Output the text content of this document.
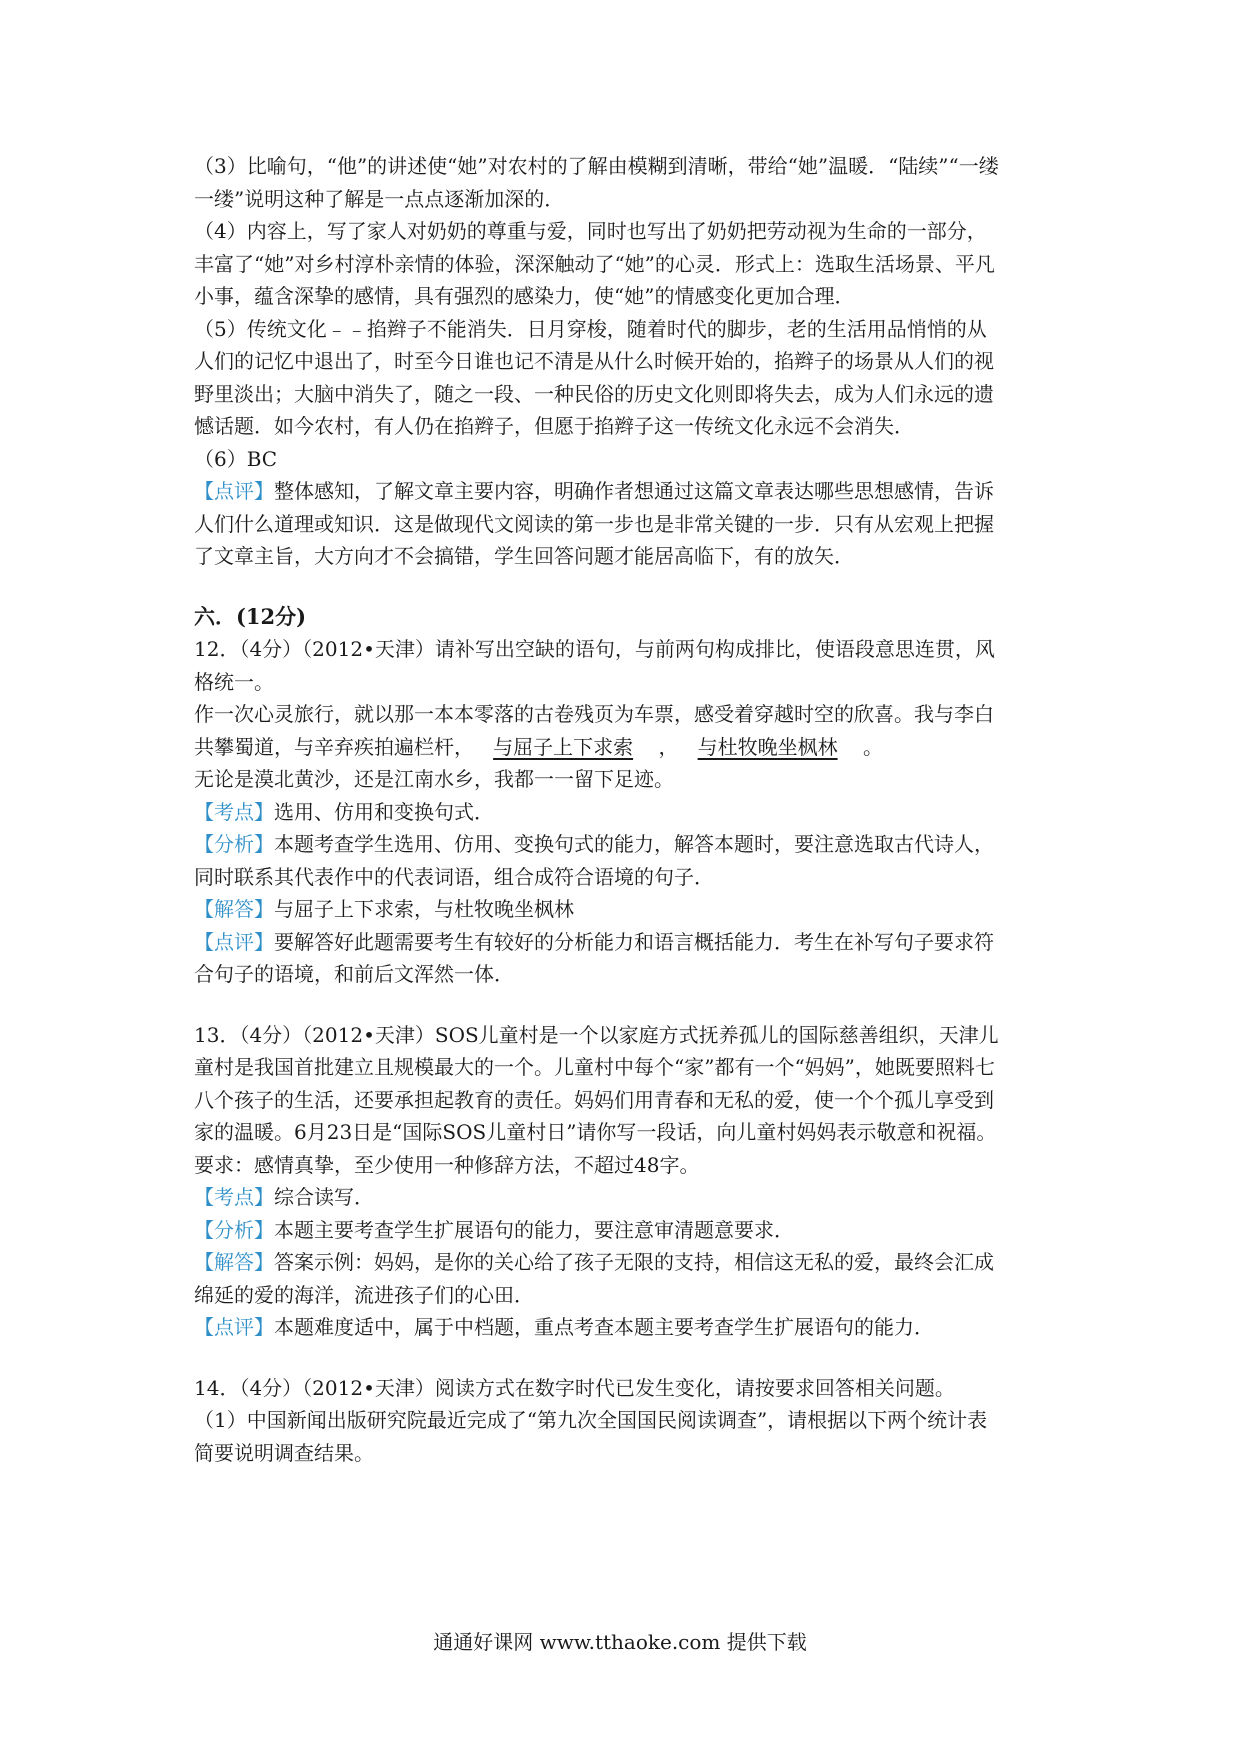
（3）比喻句，“他”的讲述使“她”对农村的了解由模糊到清晰，带给“她”温暖．“陆续”“一缕

一缕”说明这种了解是一点点逐渐加深的．

（4）内容上，写了家人对奶奶的尊重与爱，同时也写出了奶奶把劳动视为生命的一部分，

丰富了“她”对乡村淳朴亲情的体验，深深触动了“她”的心灵．形式上：选取生活场景、平凡

小事，蕴含深挚的感情，具有强烈的感染力，使“她”的情感变化更加合理．

（5）传统文化﹣﹣掐辫子不能消失．日月穿梭，随着时代的脚步，老的生活用品悄悄的从

人们的记忆中退出了，时至今日谁也记不清是从什么时候开始的，掐辫子的场景从人们的视

野里淡出；大脑中消失了，随之一段、一种民俗的历史文化则即将失去，成为人们永远的遗

憾话题．如今农村，有人仍在掐辫子，但愿于掐辫子这一传统文化永远不会消失．

（6）BC

【点评】整体感知，了解文章主要内容，明确作者想通过这篇文章表达哪些思想感情，告诉

人们什么道理或知识．这是做现代文阅读的第一步也是非常关键的一步．只有从宏观上把握

了文章主旨，大方向才不会搞错，学生回答问题才能居高临下，有的放矢．

六．(12分)

12．（4分）（2012•天津）请补写出空缺的语句，与前两句构成排比，使语段意思连贯，风

格统一。

作一次心灵旅行，就以那一本本零落的古卷残页为车票，感受着穿越时空的欣喜。我与李白

共攀蜀道，与辛弃疾拍遍栏杆， 与屈子上下求索 ， 与杜牧晚坐枫林 。

无论是漠北黄沙，还是江南水乡，我都一一留下足迹。

【考点】选用、仿用和变换句式．

【分析】本题考查学生选用、仿用、变换句式的能力，解答本题时，要注意选取古代诗人，

同时联系其代表作中的代表词语，组合成符合语境的句子．

【解答】与屈子上下求索，与杜牧晚坐枫林

【点评】要解答好此题需要考生有较好的分析能力和语言概括能力．考生在补写句子要求符

合句子的语境，和前后文浑然一体．

13．（4分）（2012•天津）SOS儿童村是一个以家庭方式抚养孤儿的国际慈善组织，天津儿

童村是我国首批建立且规模最大的一个。儿童村中每个“家”都有一个“妈妈”，她既要照料七

八个孩子的生活，还要承担起教育的责任。妈妈们用青春和无私的爱，使一个个孤儿享受到

家的温暖。6月23日是“国际SOS儿童村日”请你写一段话，向儿童村妈妈表示敬意和祝福。

要求：感情真挚，至少使用一种修辞方法，不超过48字。

【考点】综合读写．

【分析】本题主要考查学生扩展语句的能力，要注意审清题意要求．

【解答】答案示例：妈妈，是你的关心给了孩子无限的支持，相信这无私的爱，最终会汇成

绵延的爱的海洋，流进孩子们的心田．

【点评】本题难度适中，属于中档题，重点考查本题主要考查学生扩展语句的能力．

14．（4分）（2012•天津）阅读方式在数字时代已发生变化，请按要求回答相关问题。

（1）中国新闻出版研究院最近完成了“第九次全国国民阅读调查”，请根据以下两个统计表

简要说明调查结果。

通通好课网 www.tthaoke.com 提供下载
